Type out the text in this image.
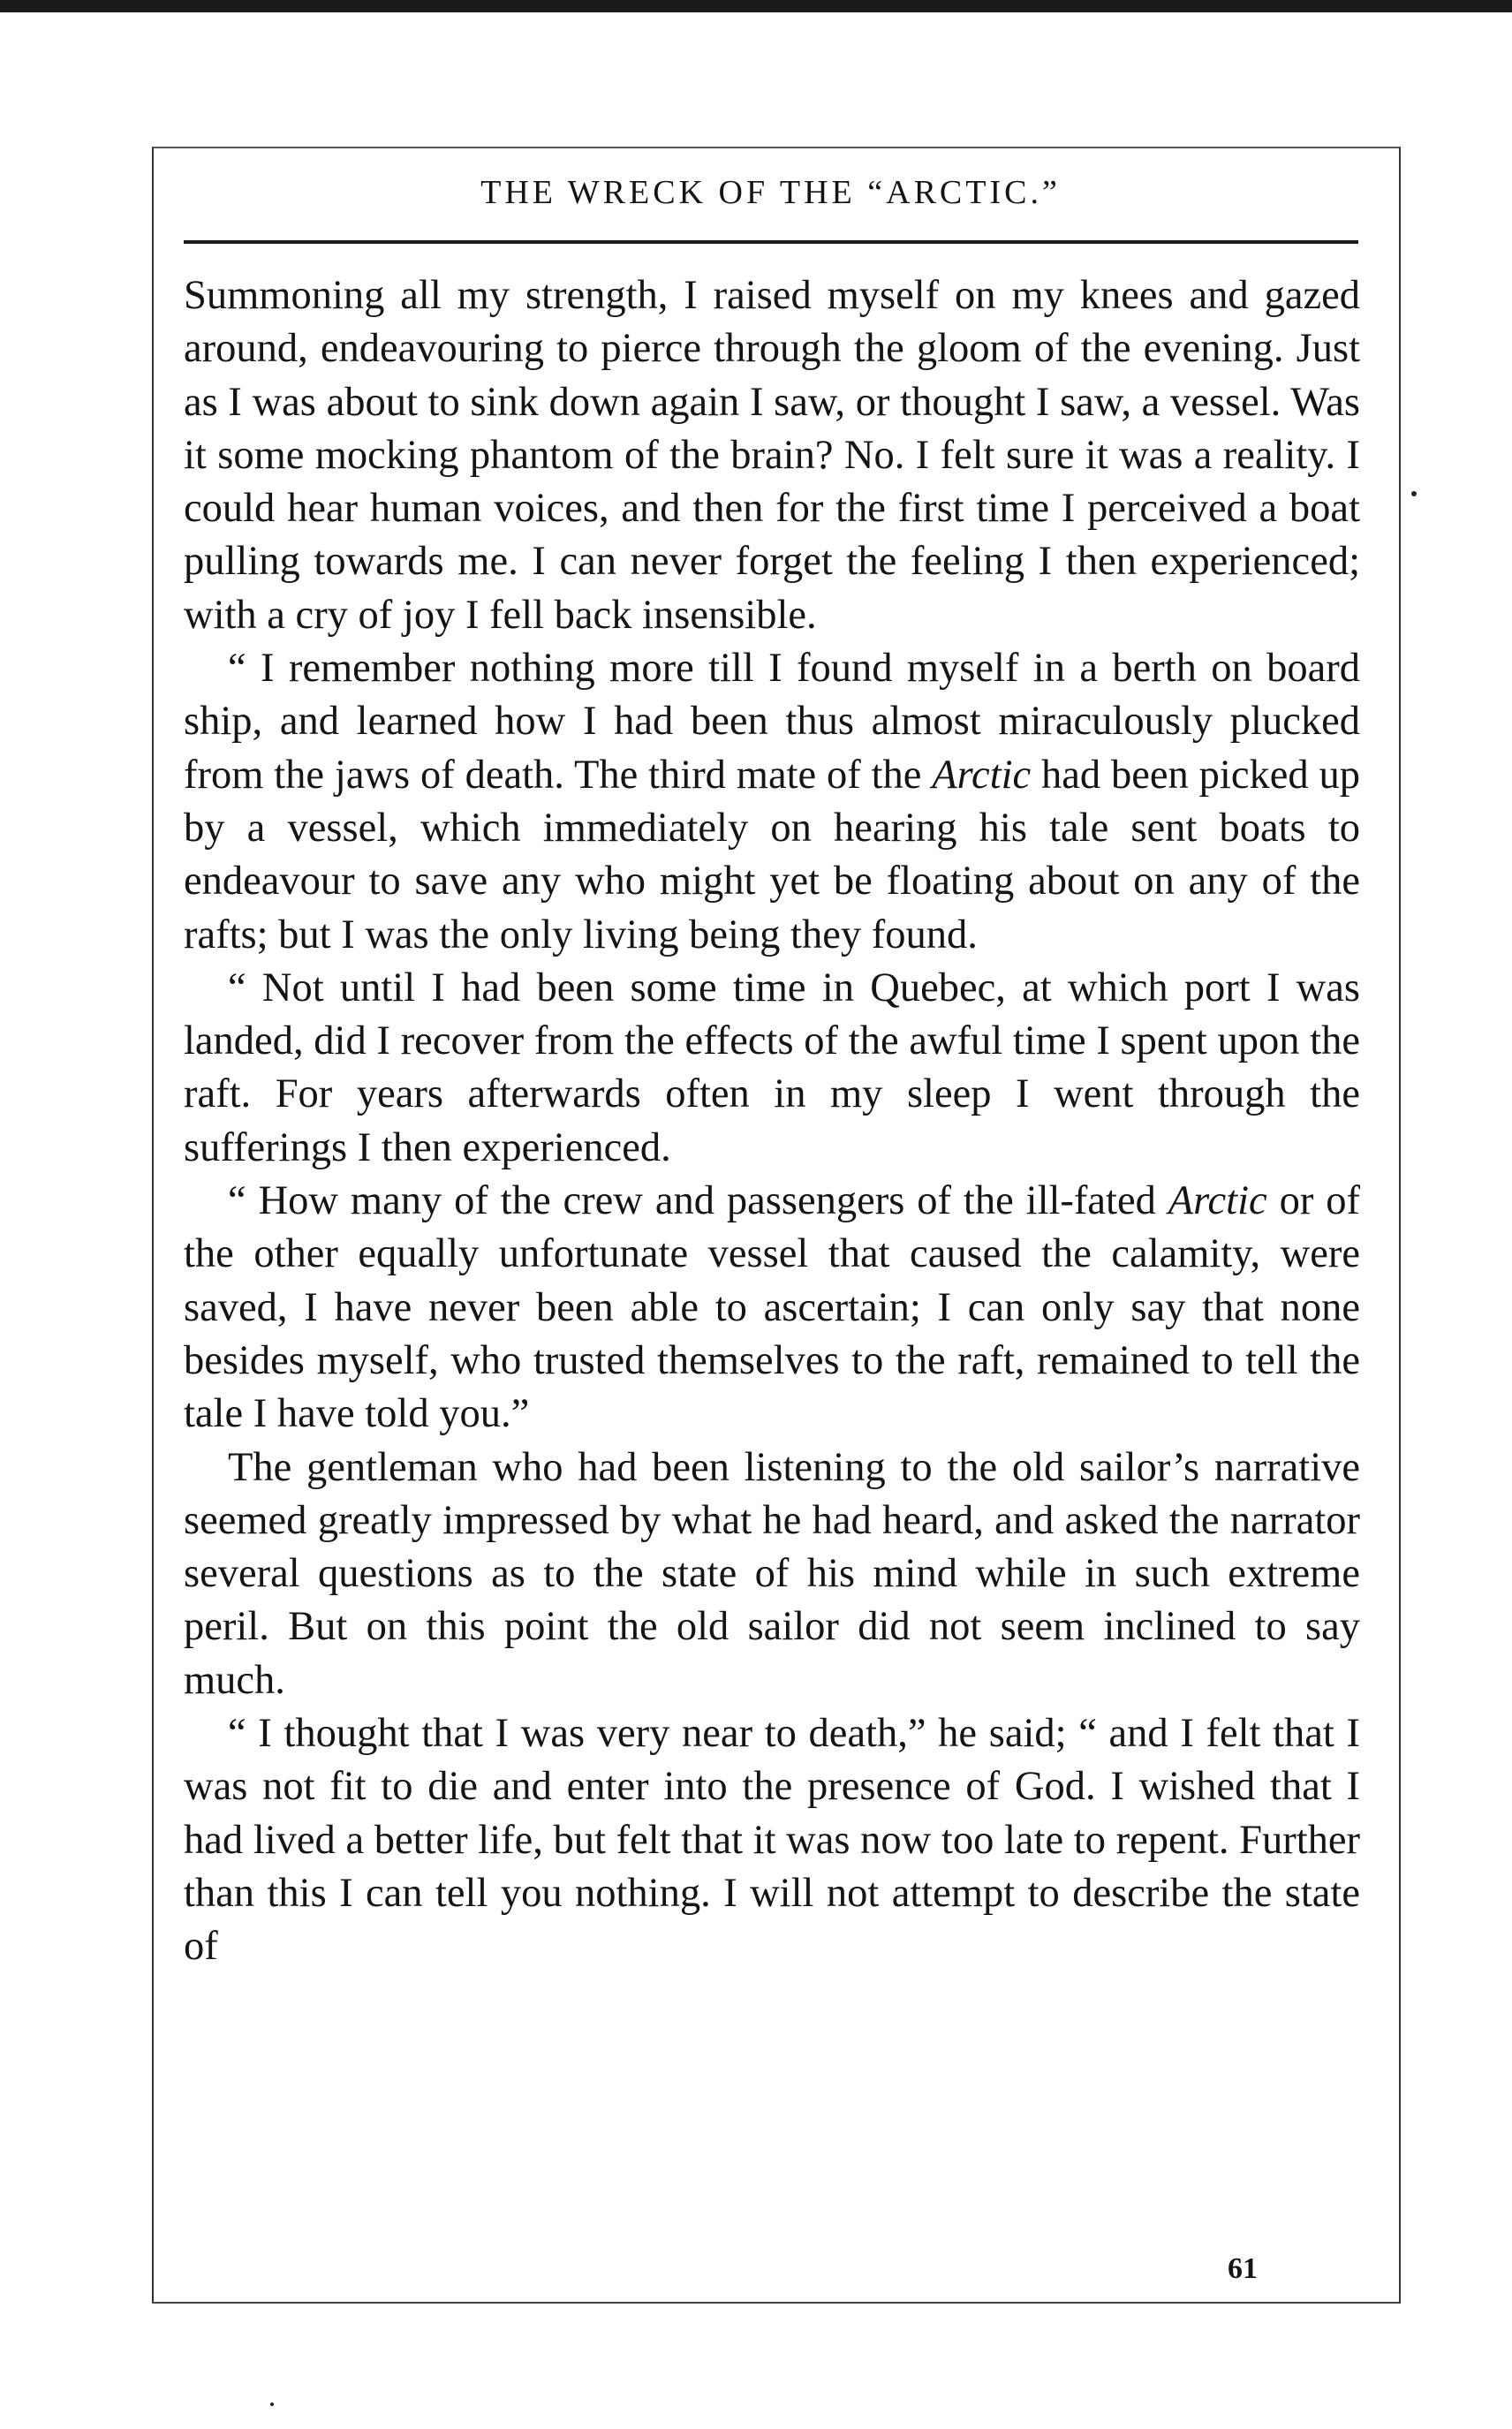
THE WRECK OF THE “ARCTIC.”

Summoning all my strength, I raised myself on my knees and gazed around, endeavouring to pierce through the gloom of the evening. Just as I was about to sink down again I saw, or thought I saw, a vessel. Was it some mocking phantom of the brain? No. I felt sure it was a reality. I could hear human voices, and then for the first time I perceived a boat pulling towards me. I can never forget the feeling I then experienced; with a cry of joy I fell back insensible.

“ I remember nothing more till I found myself in a berth on board ship, and learned how I had been thus almost miraculously plucked from the jaws of death. The third mate of the Arctic had been picked up by a vessel, which immediately on hearing his tale sent boats to endeavour to save any who might yet be floating about on any of the rafts; but I was the only living being they found.

“ Not until I had been some time in Quebec, at which port I was landed, did I recover from the effects of the awful time I spent upon the raft. For years afterwards often in my sleep I went through the sufferings I then experienced.

“ How many of the crew and passengers of the ill-fated Arctic or of the other equally unfortunate vessel that caused the calamity, were saved, I have never been able to ascertain; I can only say that none besides myself, who trusted themselves to the raft, remained to tell the tale I have told you.”

The gentleman who had been listening to the old sailor’s narrative seemed greatly impressed by what he had heard, and asked the narrator several questions as to the state of his mind while in such extreme peril. But on this point the old sailor did not seem inclined to say much.

“ I thought that I was very near to death,” he said; “ and I felt that I was not fit to die and enter into the presence of God. I wished that I had lived a better life, but felt that it was now too late to repent. Further than this I can tell you nothing. I will not attempt to describe the state of

61
